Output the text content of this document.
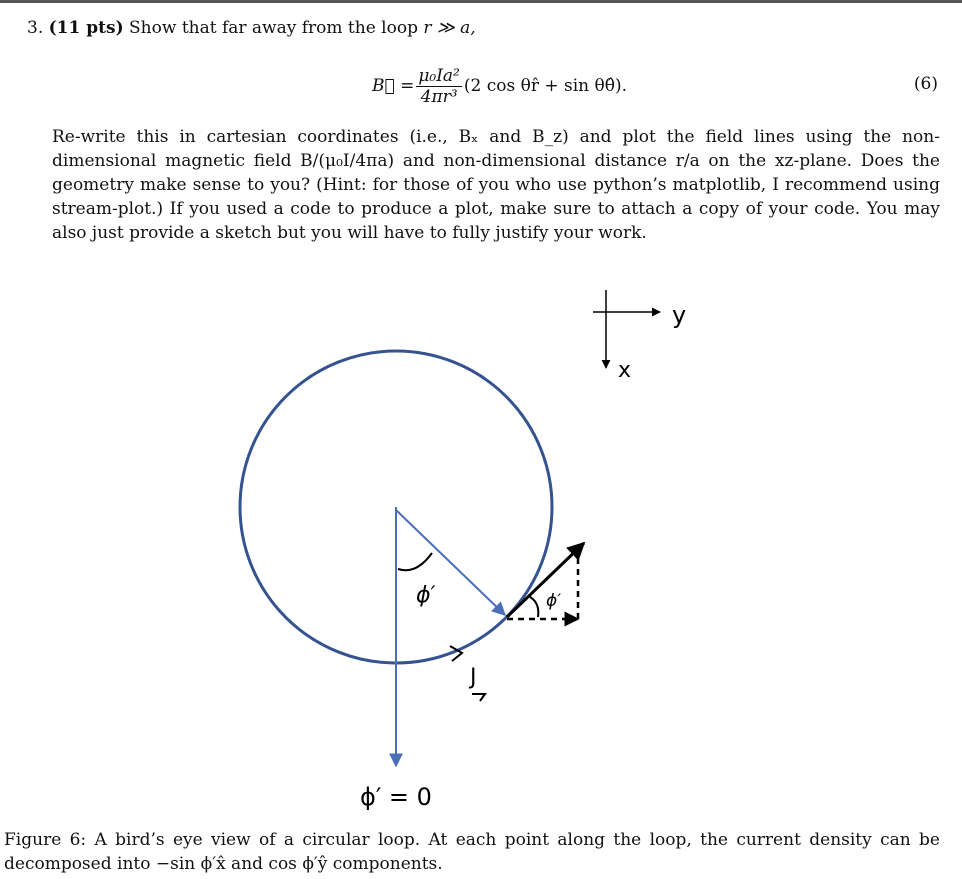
3. (11 pts) Show that far away from the loop r ≫ a,
B⃗ = $\frac{\text{μ₀Ia²}}{\text{4πr³}} (2$ cos θr̂ + sin θθ̂).	(6)
Re-write this in cartesian coordinates (i.e., Bₓ and B_z) and plot the field lines using the non-dimensional magnetic field B/(μ₀I/4πa) and non-dimensional distance r/a on the xz-plane. Does the geometry make sense to you? (Hint: for those of you who use python’s matplotlib, I recommend using stream-plot.) If you used a code to produce a plot, make sure to attach a copy of your code. You may also just provide a sketch but you will have to fully justify your work.
y
x
ϕ′	ϕ′
J
ϕ′ = 0
Figure 6: A bird’s eye view of a circular loop. At each point along the loop, the current density can be decomposed into −sin ϕ′x̂ and cos ϕ′ŷ components.
